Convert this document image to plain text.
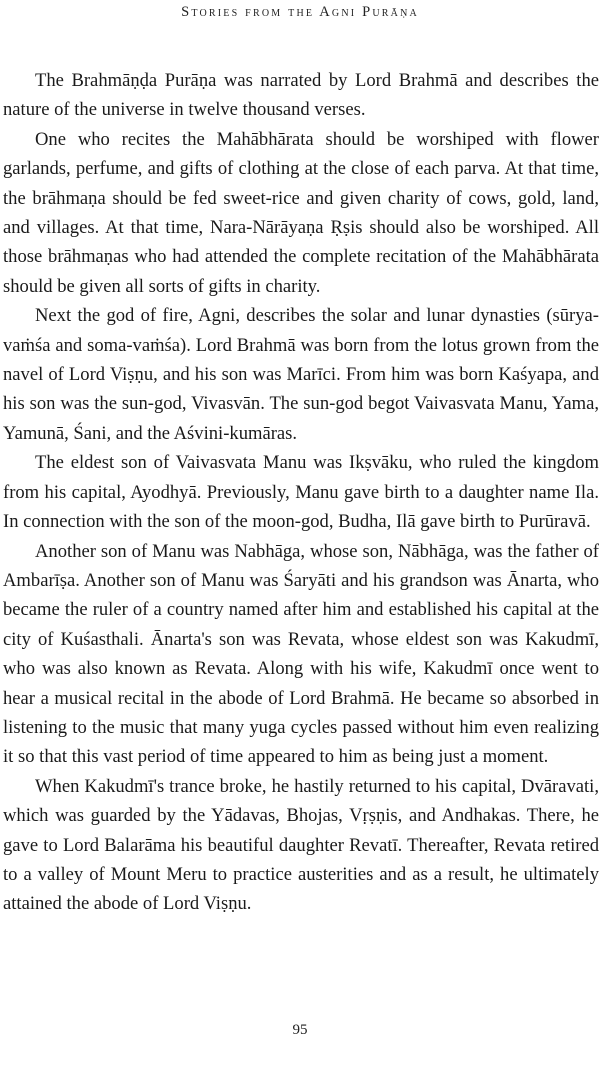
Stories from the Agni Purāṇa

The Brahmāṇḍa Purāṇa was narrated by Lord Brahmā and describes the nature of the universe in twelve thousand verses.

One who recites the Mahābhārata should be worshiped with flower garlands, perfume, and gifts of clothing at the close of each parva. At that time, the brāhmaṇa should be fed sweet-rice and given charity of cows, gold, land, and villages. At that time, Nara-Nārāyaṇa Ṛṣis should also be worshiped. All those brāhmaṇas who had attended the complete recitation of the Mahābhārata should be given all sorts of gifts in charity.

Next the god of fire, Agni, describes the solar and lunar dynasties (sūrya-vaṁśa and soma-vaṁśa). Lord Brahmā was born from the lotus grown from the navel of Lord Viṣṇu, and his son was Marīci. From him was born Kaśyapa, and his son was the sun-god, Vivasvān. The sun-god begot Vaivasvata Manu, Yama, Yamunā, Śani, and the Aśvini-kumāras.

The eldest son of Vaivasvata Manu was Ikṣvāku, who ruled the kingdom from his capital, Ayodhyā. Previously, Manu gave birth to a daughter name Ila. In connection with the son of the moon-god, Budha, Ilā gave birth to Purūravā.

Another son of Manu was Nabhāga, whose son, Nābhāga, was the father of Ambarīṣa. Another son of Manu was Śaryāti and his grandson was Ānarta, who became the ruler of a country named after him and established his capital at the city of Kuśasthali. Ānarta's son was Revata, whose eldest son was Kakudmī, who was also known as Revata. Along with his wife, Kakudmī once went to hear a musical recital in the abode of Lord Brahmā. He became so absorbed in listening to the music that many yuga cycles passed without him even realizing it so that this vast period of time appeared to him as being just a moment.

When Kakudmī's trance broke, he hastily returned to his capital, Dvāravati, which was guarded by the Yādavas, Bhojas, Vṛṣṇis, and Andhakas. There, he gave to Lord Balarāma his beautiful daughter Revatī. Thereafter, Revata retired to a valley of Mount Meru to practice austerities and as a result, he ultimately attained the abode of Lord Viṣṇu.

95
